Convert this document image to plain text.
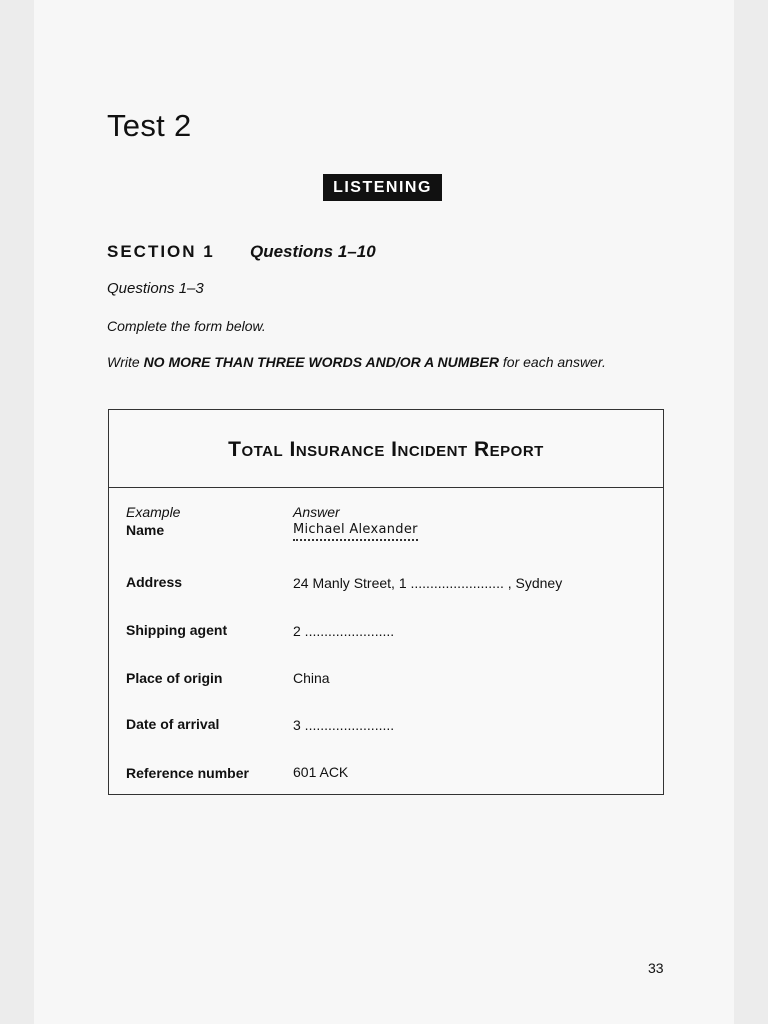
Test 2
LISTENING
SECTION 1 Questions 1–10
Questions 1–3
Complete the form below.
Write NO MORE THAN THREE WORDS AND/OR A NUMBER for each answer.
Total Insurance Incident Report
Example	Answer
Name	Michael Alexander
Address	24 Manly Street, 1 ........................ , Sydney
Shipping agent	2 .......................
Place of origin	China
Date of arrival	3 .......................
Reference number	601 ACK
33
